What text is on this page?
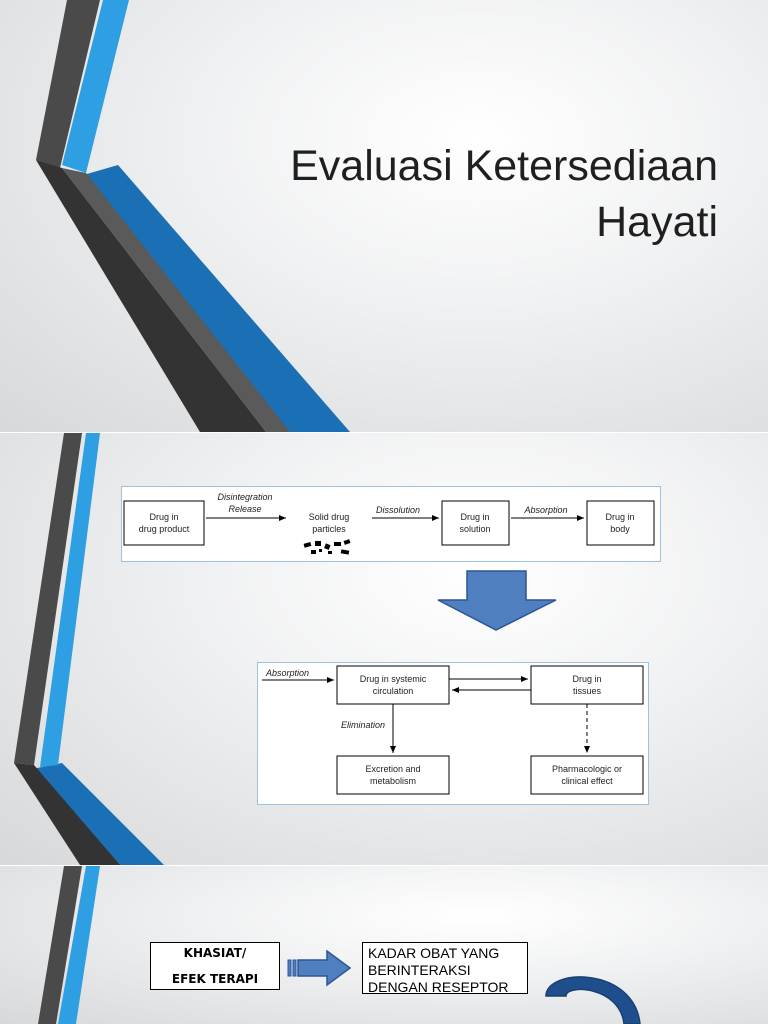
Evaluasi Ketersediaan
Hayati
Drug in
drug product
Disintegration
Release
Solid drug
particles
Dissolution
Drug in
solution
Absorption
Drug in
body
Absorption
Drug in systemic
circulation
Drug in
tissues
Elimination
Excretion and
metabolism
Pharmacologic or
clinical effect
KHASIAT/
EFEK TERAPI
KADAR OBAT YANG
BERINTERAKSI
DENGAN RESEPTOR
